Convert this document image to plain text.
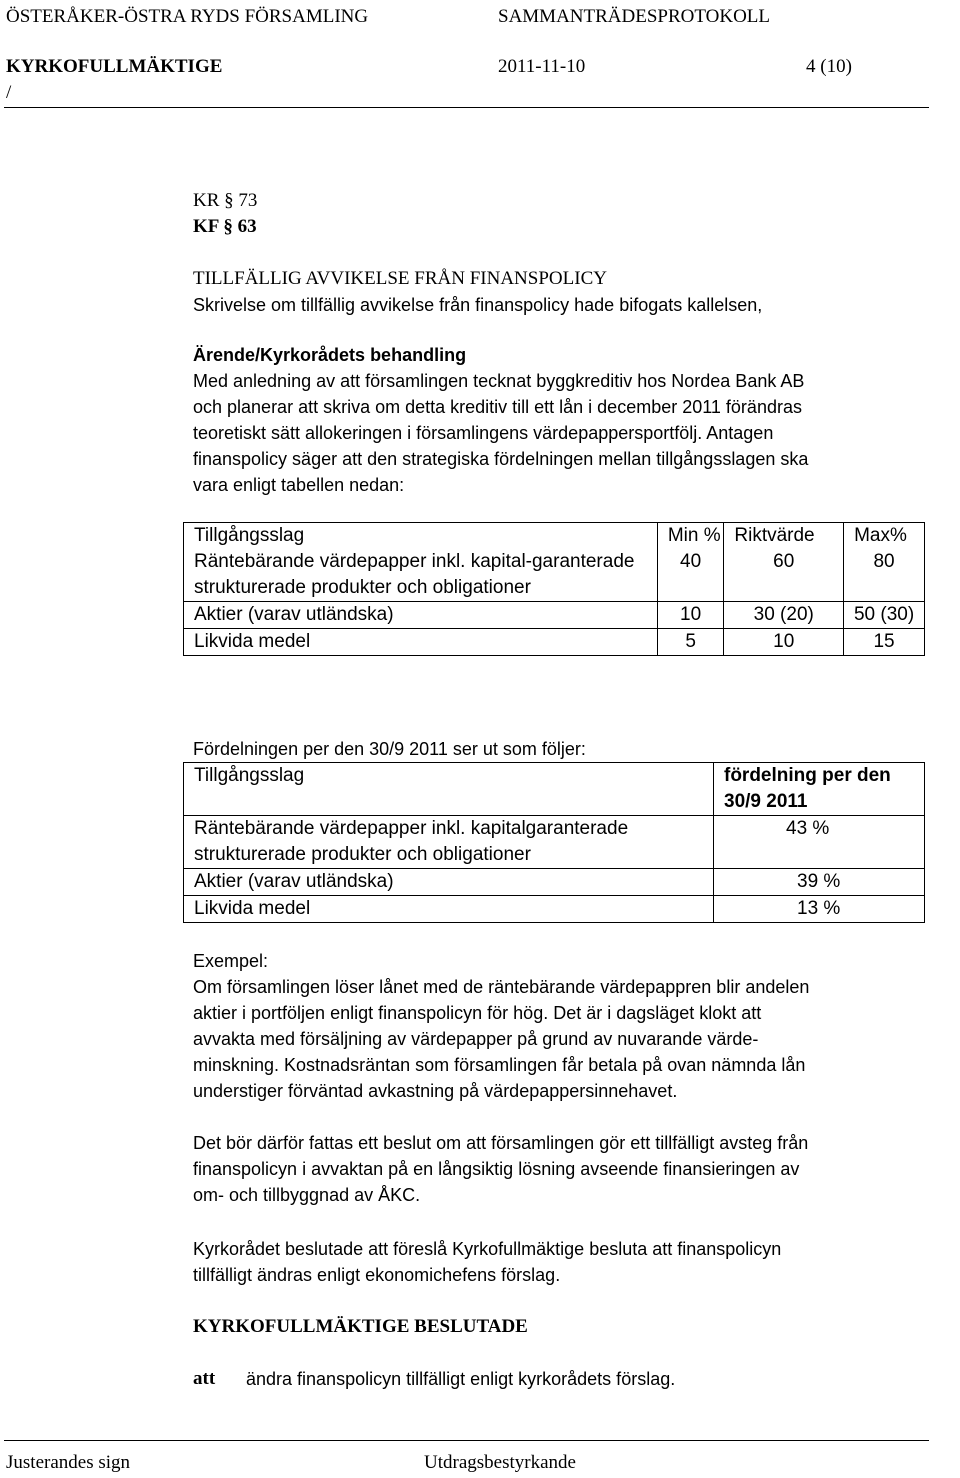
ÖSTERÅKER-ÖSTRA RYDS FÖRSAMLING	SAMMANTRÄDESPROTOKOLL
KYRKOFULLMÄKTIGE	2011-11-10	4 (10)
/
KR § 73
KF § 63
TILLFÄLLIG AVVIKELSE FRÅN FINANSPOLICY
Skrivelse om tillfällig avvikelse från finanspolicy hade bifogats kallelsen,
Ärende/Kyrkorådets behandling

Med anledning av att församlingen tecknat byggkreditiv hos Nordea Bank AB

och planerar att skriva om detta kreditiv till ett lån i december 2011 förändras

teoretiskt sätt allokeringen i församlingens värdepappersportfölj. Antagen

finanspolicy säger att den strategiska fördelningen mellan tillgångsslagen ska

vara enligt tabellen nedan:

Tillgångsslag	Min %	Riktvärde	Max%
Räntebärande värdepapper inkl. kapital-garanterade strukturerade produkter och obligationer	40	60	80
Aktier (varav utländska)	10	30 (20)	50 (30)
Likvida medel	5	10	15
Fördelningen per den 30/9 2011 ser ut som följer:
Tillgångsslag	fördelning per den 30/9 2011
Räntebärande värdepapper inkl. kapitalgaranterade strukturerade produkter och obligationer	43 %
Aktier (varav utländska)	39 %
Likvida medel	13 %

Exempel:

Om församlingen löser lånet med de räntebärande värdepappren blir andelen

aktier i portföljen enligt finanspolicyn för hög. Det är i dagsläget klokt att

avvakta med försäljning av värdepapper på grund av nuvarande värde-

minskning. Kostnadsräntan som församlingen får betala på ovan nämnda lån

understiger förväntad avkastning på värdepappersinnehavet.

Det bör därför fattas ett beslut om att församlingen gör ett tillfälligt avsteg från

finanspolicyn i avvaktan på en långsiktig lösning avseende finansieringen av

om- och tillbyggnad av ÅKC.

Kyrkorådet beslutade att föreslå Kyrkofullmäktige besluta att finanspolicyn

tillfälligt ändras enligt ekonomichefens förslag.

KYRKOFULLMÄKTIGE BESLUTADE
att ändra finanspolicyn tillfälligt enligt kyrkorådets förslag.
Justerandes sign	Utdragsbestyrkande
